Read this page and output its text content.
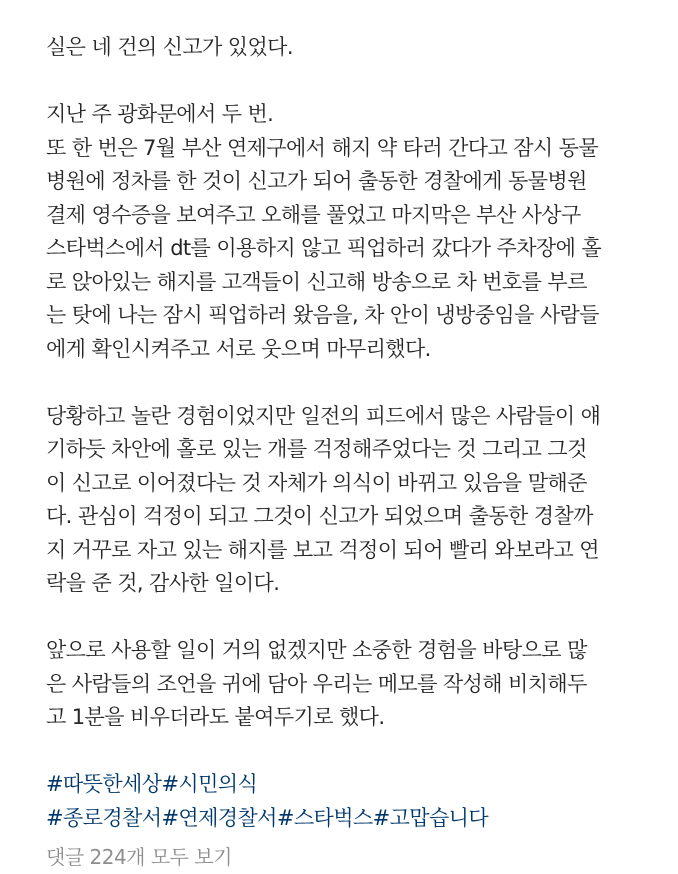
실은 네 건의 신고가 있었다.
지난 주 광화문에서 두 번.
또 한 번은 7월 부산 연제구에서 해지 약 타러 간다고 잠시 동물
병원에 정차를 한 것이 신고가 되어 출동한 경찰에게 동물병원
결제 영수증을 보여주고 오해를 풀었고 마지막은 부산 사상구
스타벅스에서 dt를 이용하지 않고 픽업하러 갔다가 주차장에 홀
로 앉아있는 해지를 고객들이 신고해 방송으로 차 번호를 부르
는 탓에 나는 잠시 픽업하러 왔음을, 차 안이 냉방중임을 사람들
에게 확인시켜주고 서로 웃으며 마무리했다.
당황하고 놀란 경험이었지만 일전의 피드에서 많은 사람들이 얘
기하듯 차안에 홀로 있는 개를 걱정해주었다는 것 그리고 그것
이 신고로 이어졌다는 것 자체가 의식이 바뀌고 있음을 말해준
다. 관심이 걱정이 되고 그것이 신고가 되었으며 출동한 경찰까
지 거꾸로 자고 있는 해지를 보고 걱정이 되어 빨리 와보라고 연
락을 준 것, 감사한 일이다.
앞으로 사용할 일이 거의 없겠지만 소중한 경험을 바탕으로 많
은 사람들의 조언을 귀에 담아 우리는 메모를 작성해 비치해두
고 1분을 비우더라도 붙여두기로 했다.
#따뜻한세상#시민의식
#종로경찰서#연제경찰서#스타벅스#고맙습니다
댓글 224개 모두 보기
